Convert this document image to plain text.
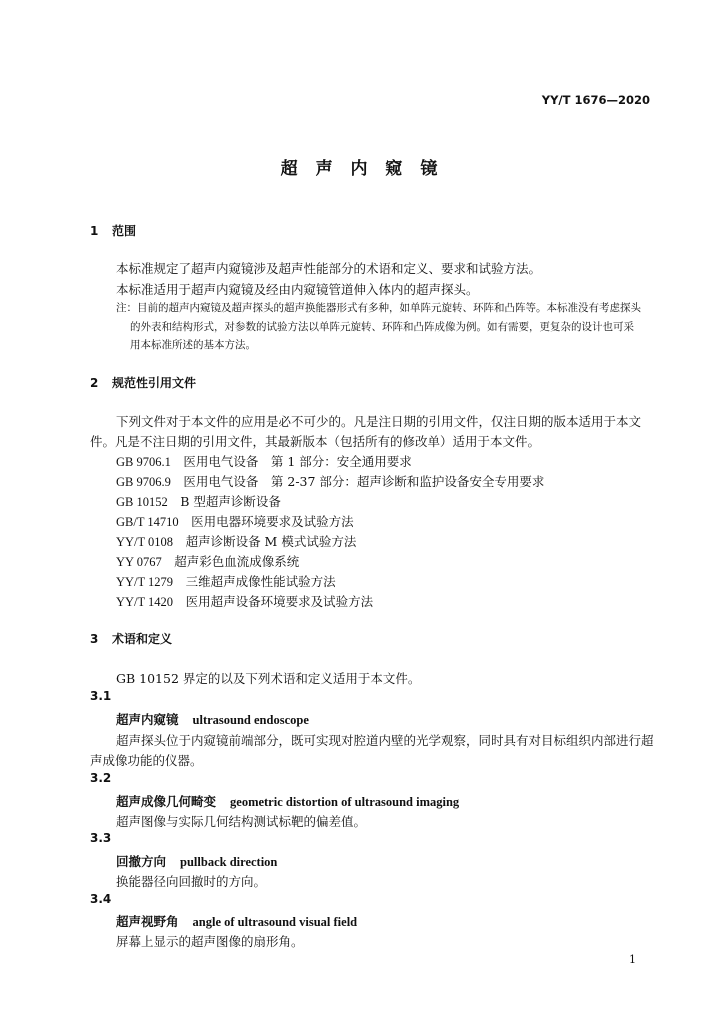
YY/T 1676—2020
超 声 内 窥 镜
1 范围
本标准规定了超声内窥镜涉及超声性能部分的术语和定义、要求和试验方法。
本标准适用于超声内窥镜及经由内窥镜管道伸入体内的超声探头。
注：目前的超声内窥镜及超声探头的超声换能器形式有多种，如单阵元旋转、环阵和凸阵等。本标准没有考虑探头
的外表和结构形式，对参数的试验方法以单阵元旋转、环阵和凸阵成像为例。如有需要，更复杂的设计也可采
用本标准所述的基本方法。
2 规范性引用文件
下列文件对于本文件的应用是必不可少的。凡是注日期的引用文件，仅注日期的版本适用于本文
件。凡是不注日期的引用文件，其最新版本（包括所有的修改单）适用于本文件。
GB 9706.1　 医用电气设备　第 1 部分：安全通用要求
GB 9706.9　 医用电气设备　第 2-37 部分：超声诊断和监护设备安全专用要求
GB 10152　 B 型超声诊断设备
GB/T 14710　 医用电器环境要求及试验方法
YY/T 0108　 超声诊断设备 M 模式试验方法
YY 0767　 超声彩色血流成像系统
YY/T 1279　 三维超声成像性能试验方法
YY/T 1420　 医用超声设备环境要求及试验方法
3 术语和定义
GB 10152 界定的以及下列术语和定义适用于本文件。
3.1
超声内窥镜 ultrasound endoscope
超声探头位于内窥镜前端部分，既可实现对腔道内壁的光学观察，同时具有对目标组织内部进行超
声成像功能的仪器。
3.2
超声成像几何畸变 geometric distortion of ultrasound imaging
超声图像与实际几何结构测试标靶的偏差值。
3.3
回撤方向 pullback direction
换能器径向回撤时的方向。
3.4
超声视野角 angle of ultrasound visual field
屏幕上显示的超声图像的扇形角。
1
